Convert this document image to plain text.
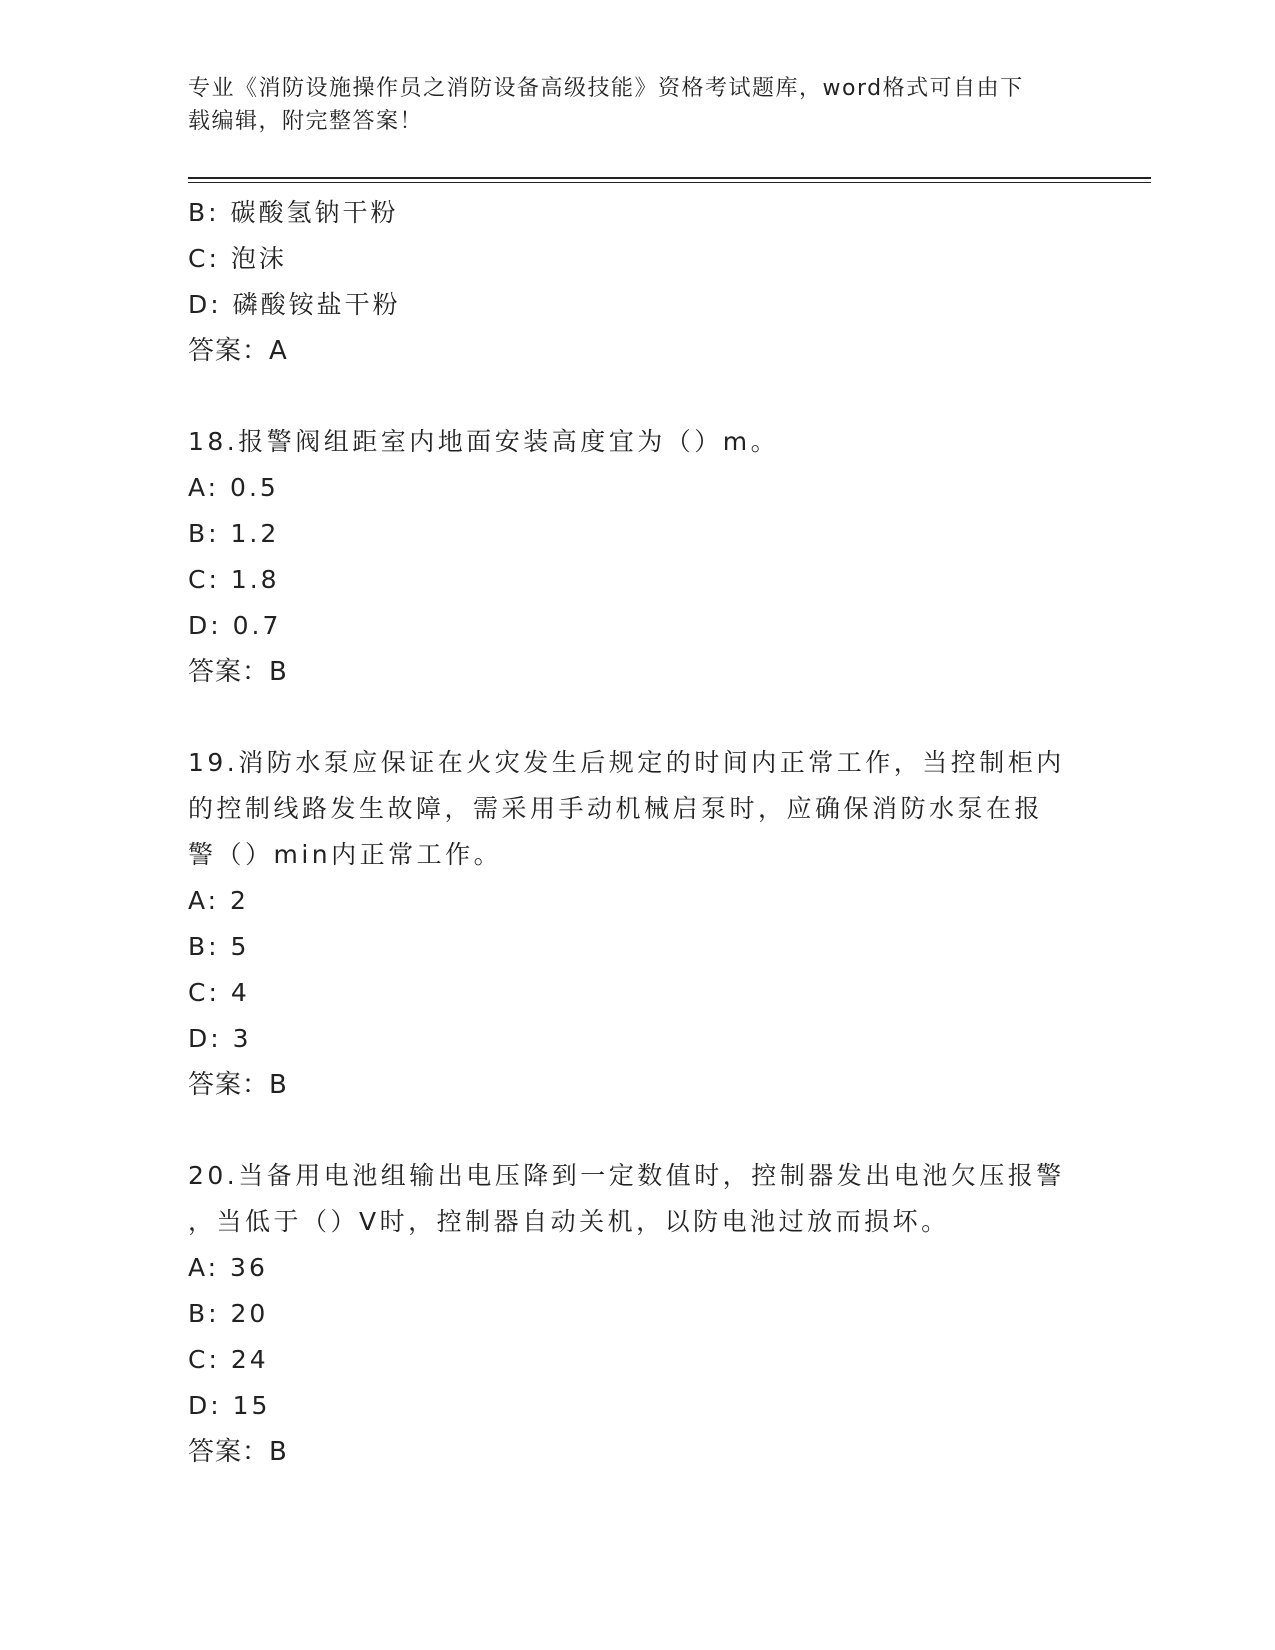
专业《消防设施操作员之消防设备高级技能》资格考试题库，word格式可自由下
载编辑，附完整答案！
B: 碳酸氢钠干粉
C: 泡沫
D: 磷酸铵盐干粉
答案：A
18.报警阀组距室内地面安装高度宜为（）m。
A: 0.5
B: 1.2
C: 1.8
D: 0.7
答案：B
19.消防水泵应保证在火灾发生后规定的时间内正常工作，当控制柜内
的控制线路发生故障，需采用手动机械启泵时，应确保消防水泵在报
警（）min内正常工作。
A: 2
B: 5
C: 4
D: 3
答案：B
20.当备用电池组输出电压降到一定数值时，控制器发出电池欠压报警
，当低于（）V时，控制器自动关机，以防电池过放而损坏。
A: 36
B: 20
C: 24
D: 15
答案：B
